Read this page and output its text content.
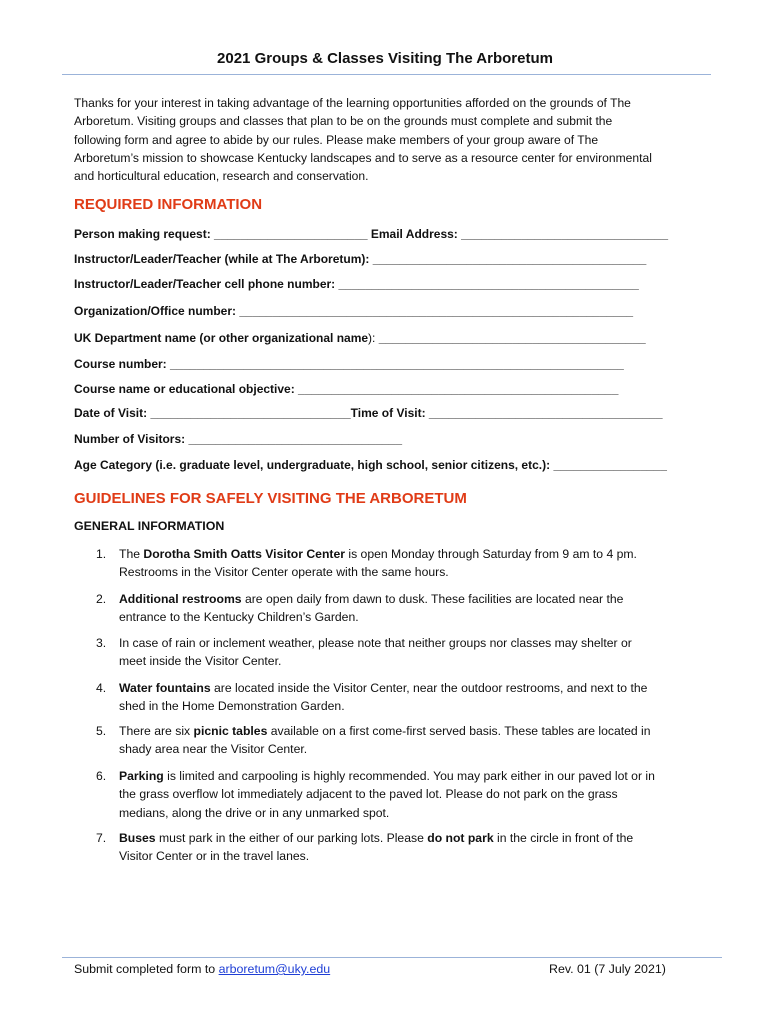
2021 Groups & Classes Visiting The Arboretum
Thanks for your interest in taking advantage of the learning opportunities afforded on the grounds of The
Arboretum. Visiting groups and classes that plan to be on the grounds must complete and submit the
following form and agree to abide by our rules. Please make members of your group aware of The
Arboretum’s mission to showcase Kentucky landscapes and to serve as a resource center for environmental
and horticultural education, research and conservation.
REQUIRED INFORMATION
Person making request: _______________________ Email Address: _______________________________
Instructor/Leader/Teacher (while at The Arboretum): _________________________________________
Instructor/Leader/Teacher cell phone number: _____________________________________________
Organization/Office number: ___________________________________________________________
UK Department name (or other organizational name): ________________________________________
Course number: ____________________________________________________________________
Course name or educational objective: ________________________________________________
Date of Visit: ______________________________Time of Visit: ___________________________________
Number of Visitors: ________________________________
Age Category (i.e. graduate level, undergraduate, high school, senior citizens, etc.): _________________
GUIDELINES FOR SAFELY VISITING THE ARBORETUM
GENERAL INFORMATION
1.	The Dorotha Smith Oatts Visitor Center is open Monday through Saturday from 9 am to 4 pm.
Restrooms in the Visitor Center operate with the same hours.
2.	Additional restrooms are open daily from dawn to dusk. These facilities are located near the
entrance to the Kentucky Children’s Garden.
3.	In case of rain or inclement weather, please note that neither groups nor classes may shelter or
meet inside the Visitor Center.
4.	Water fountains are located inside the Visitor Center, near the outdoor restrooms, and next to the
shed in the Home Demonstration Garden.
5.	There are six picnic tables available on a first come-first served basis. These tables are located in
shady area near the Visitor Center.
6.	Parking is limited and carpooling is highly recommended. You may park either in our paved lot or in
the grass overflow lot immediately adjacent to the paved lot. Please do not park on the grass
medians, along the drive or in any unmarked spot.
7.	Buses must park in the either of our parking lots. Please do not park in the circle in front of the
Visitor Center or in the travel lanes.
Submit completed form to arboretum@uky.edu	Rev. 01 (7 July 2021)
